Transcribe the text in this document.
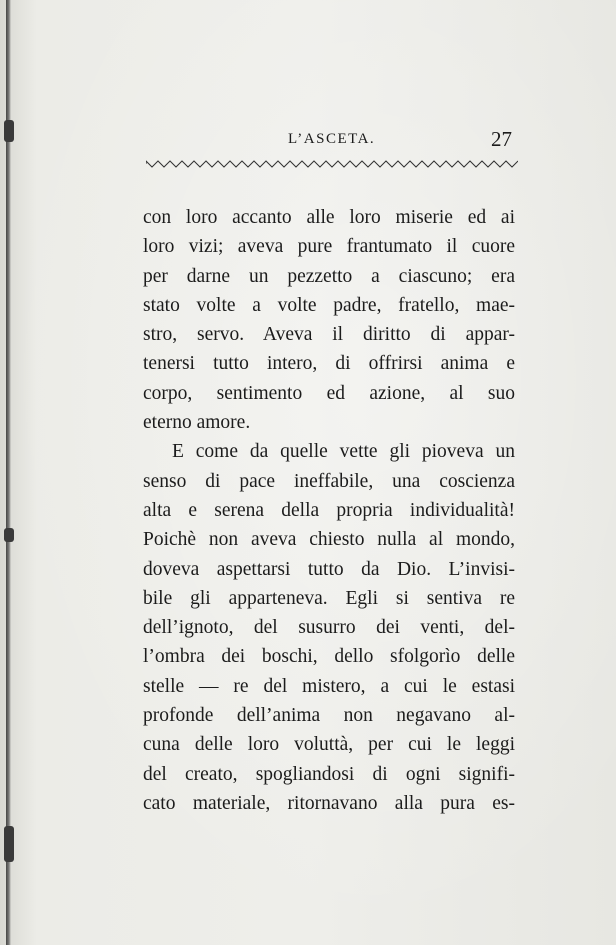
L’ASCETA.	27

con loro accanto alle loro miserie ed ai
loro vizi; aveva pure frantumato il cuore
per darne un pezzetto a ciascuno; era
stato volte a volte padre, fratello, mae-
stro, servo. Aveva il diritto di appar-
tenersi tutto intero, di offrirsi anima e
corpo, sentimento ed azione, al suo
eterno amore.

E come da quelle vette gli pioveva un
senso di pace ineffabile, una coscienza
alta e serena della propria individualità!
Poichè non aveva chiesto nulla al mondo,
doveva aspettarsi tutto da Dio. L’invisi-
bile gli apparteneva. Egli si sentiva re
dell’ignoto, del susurro dei venti, del-
l’ombra dei boschi, dello sfolgorìo delle
stelle — re del mistero, a cui le estasi
profonde dell’anima non negavano al-
cuna delle loro voluttà, per cui le leggi
del creato, spogliandosi di ogni signifi-
cato materiale, ritornavano alla pura es-
